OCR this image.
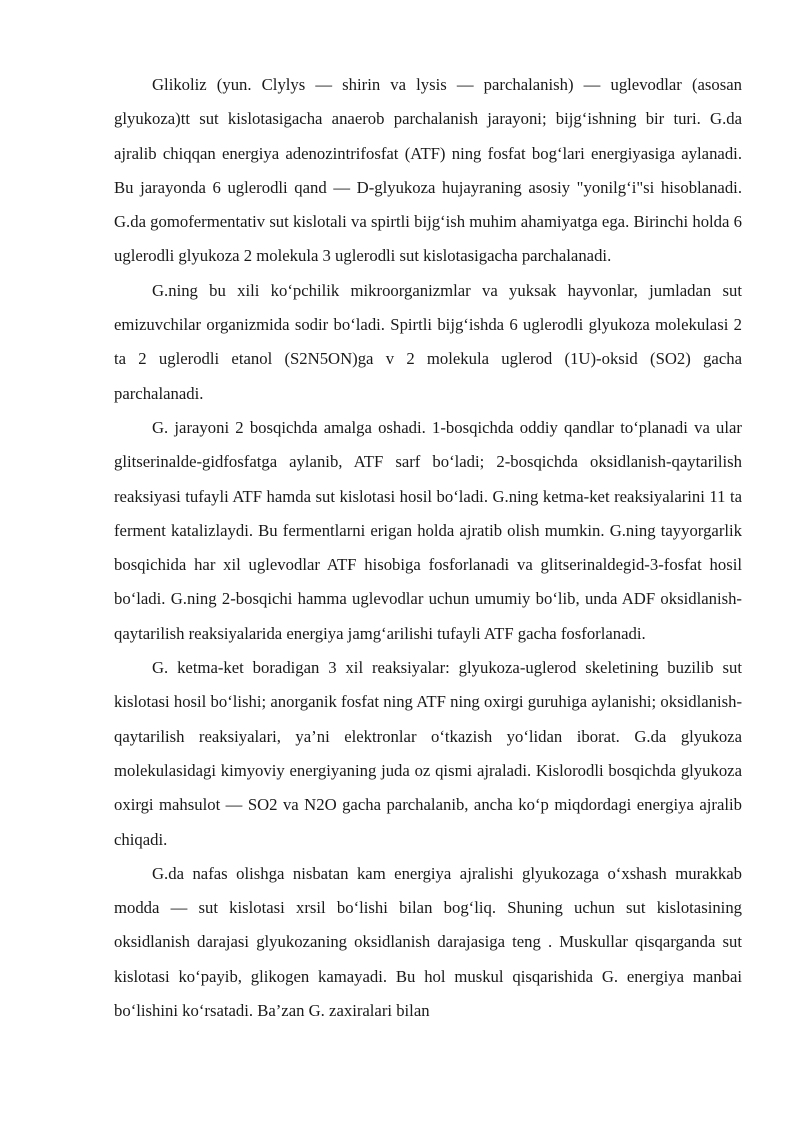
Glikoliz (yun. Clylys — shirin va lysis — parchalanish) — uglevodlar (asosan glyukoza)tt sut kislotasigacha anaerob parchalanish jarayoni; bijg‘ishning bir turi. G.da ajralib chiqqan energiya adenozintrifosfat (ATF) ning fosfat bog‘lari energiyasiga aylanadi. Bu jarayonda 6 uglerodli qand — D-glyukoza hujayraning asosiy "yonilg‘i"si hisoblanadi. G.da gomofermentativ sut kislotali va spirtli bijg‘ish muhim ahamiyatga ega. Birinchi holda 6 uglerodli glyukoza 2 molekula 3 uglerodli sut kislotasigacha parchalanadi.

G.ning bu xili ko‘pchilik mikroorganizmlar va yuksak hayvonlar, jumladan sut emizuvchilar organizmida sodir bo‘ladi. Spirtli bijg‘ishda 6 uglerodli glyukoza molekulasi 2 ta 2 uglerodli etanol (S2N5ON)ga v 2 molekula uglerod (1U)-oksid (SO2) gacha parchalanadi.

G. jarayoni 2 bosqichda amalga oshadi. 1-bosqichda oddiy qandlar to‘planadi va ular glitserinalde-gidfosfatga aylanib, ATF sarf bo‘ladi; 2-bosqichda oksidlanish-qaytarilish reaksiyasi tufayli ATF hamda sut kislotasi hosil bo‘ladi. G.ning ketma-ket reaksiyalarini 11 ta ferment katalizlaydi. Bu fermentlarni erigan holda ajratib olish mumkin. G.ning tayyorgarlik bosqichida har xil uglevodlar ATF hisobiga fosforlanadi va glitserinaldegid-3-fosfat hosil bo‘ladi. G.ning 2-bosqichi hamma uglevodlar uchun umumiy bo‘lib, unda ADF oksidlanish-qaytarilish reaksiyalarida energiya jamg‘arilishi tufayli ATF gacha fosforlanadi.

G. ketma-ket boradigan 3 xil reaksiyalar: glyukoza-uglerod skeletining buzilib sut kislotasi hosil bo‘lishi; anorganik fosfat ning ATF ning oxirgi guruhiga aylanishi; oksidlanish-qaytarilish reaksiyalari, ya’ni elektronlar o‘tkazish yo‘lidan iborat. G.da glyukoza molekulasidagi kimyoviy energiyaning juda oz qismi ajraladi. Kislorodli bosqichda glyukoza oxirgi mahsulot — SO2 va N2O gacha parchalanib, ancha ko‘p miqdordagi energiya ajralib chiqadi.

G.da nafas olishga nisbatan kam energiya ajralishi glyukozaga o‘xshash murakkab modda — sut kislotasi xrsil bo‘lishi bilan bog‘liq. Shuning uchun sut kislotasining oksidlanish darajasi glyukozaning oksidlanish darajasiga teng . Muskullar qisqarganda sut kislotasi ko‘payib, glikogen kamayadi. Bu hol muskul qisqarishida G. energiya manbai bo‘lishini ko‘rsatadi. Ba’zan G. zaxiralari bilan
